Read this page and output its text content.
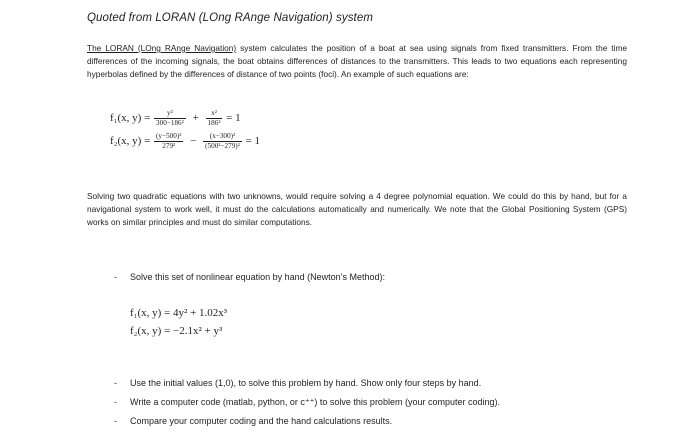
Quoted from LORAN (LOng RAnge Navigation) system
The LORAN (LOng RAnge Navigation) system calculates the position of a boat at sea using signals from fixed transmitters. From the time differences of the incoming signals, the boat obtains differences of distances to the transmitters. This leads to two equations each representing hyperbolas defined by the differences of distance of two points (foci). An example of such equations are:
f₁(x, $y) = \frac{\text{y²}}{\text{300−186²}} + \frac{\text{x²}}{\text{186²}} = 1$
f₂(x, $y) = \frac{\text{(y−500)²}}{\text{279²}} - \frac{\text{(x−300)²}}{\text{(500²−279)²}} = 1$
Solving two quadratic equations with two unknowns, would require solving a 4 degree polynomial equation. We could do this by hand, but for a navigational system to work well, it must do the calculations automatically and numerically. We note that the Global Positioning System (GPS) works on similar principles and must do similar computations.
- Solve this set of nonlinear equation by hand (Newton’s Method):
f₁(x, y) = 4y² + 1.02x³
f₂(x, y) = −2.1x² + y³
- Use the initial values (1,0), to solve this problem by hand. Show only four steps by hand.
- Write a computer code (matlab, python, or c⁺⁺) to solve this problem (your computer coding).
- Compare your computer coding and the hand calculations results.
